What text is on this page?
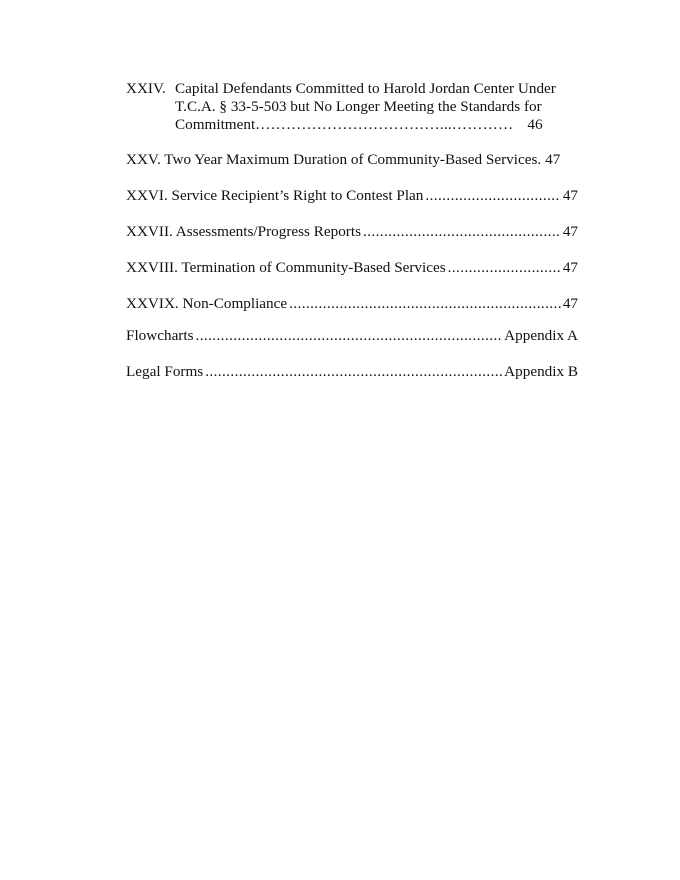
XXIV. Capital Defendants Committed to Harold Jordan Center Under
T.C.A. § 33-5-503 but No Longer Meeting the Standards for
Commitment………………………………...………… 46
XXV. Two Year Maximum Duration of Community-Based Services. 47
XXVI. Service Recipient’s Right to Contest Plan .....	47
XXVII. Assessments/Progress Reports .....	47
XXVIII. Termination of Community-Based Services .....	47
XXVIX. Non-Compliance .....	47
Flowcharts .....	Appendix A
Legal Forms .....	Appendix B
